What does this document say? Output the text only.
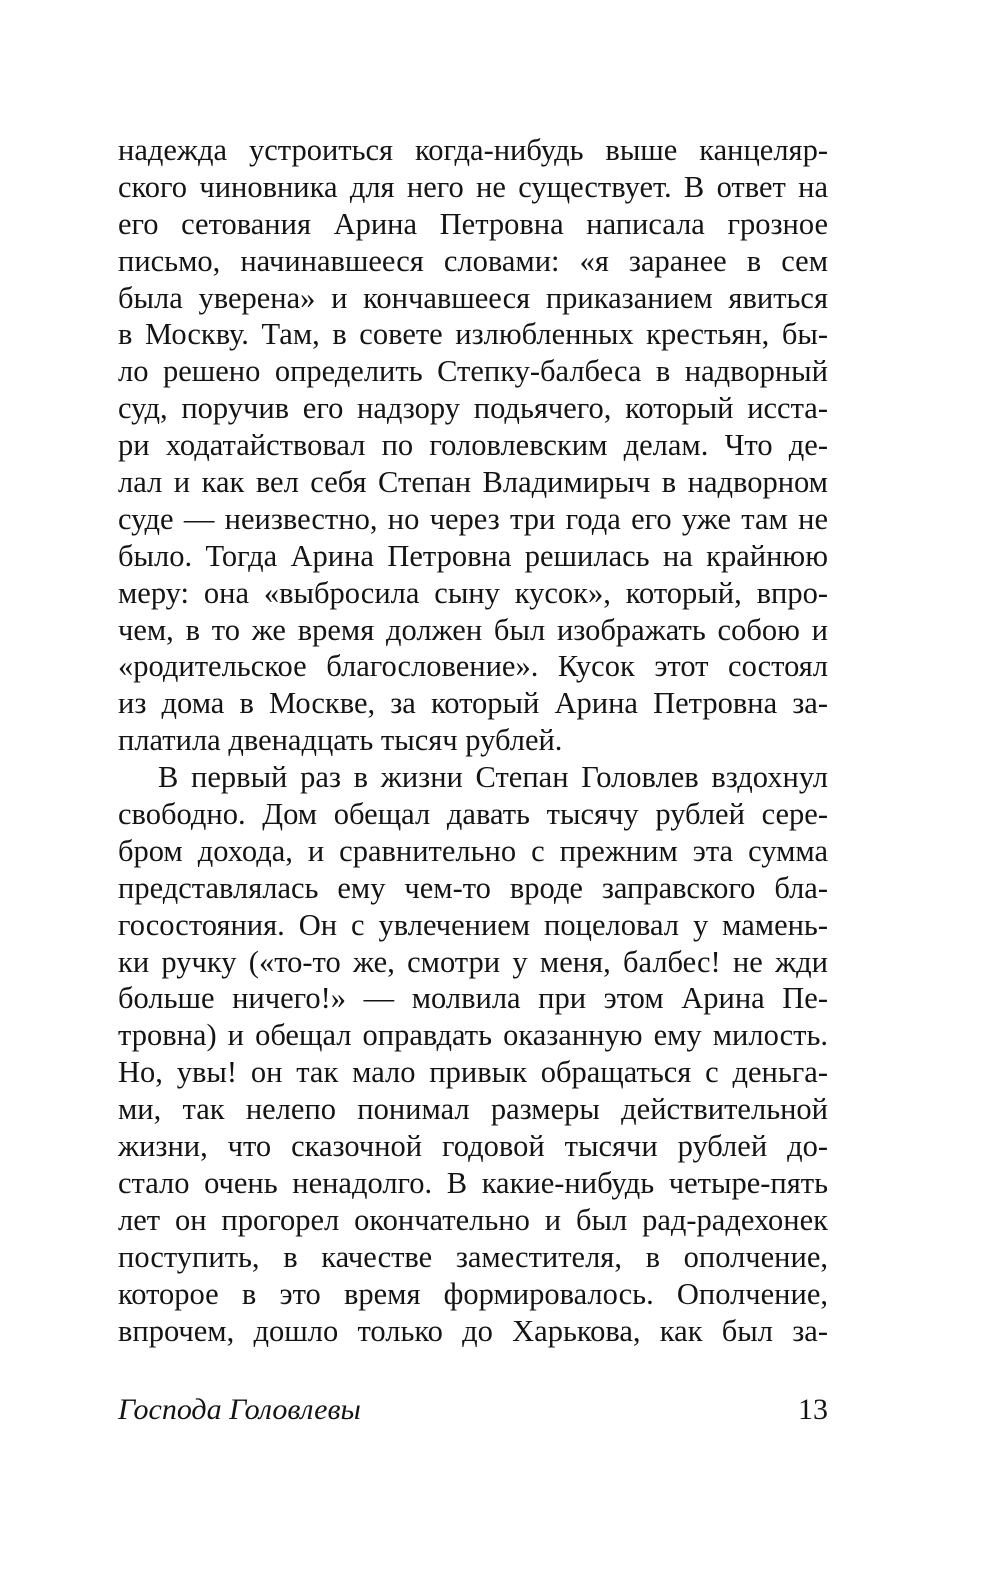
надежда устроиться когда-нибудь выше канцеляр-
ского чиновника для него не существует. В ответ на
его сетования Арина Петровна написала грозное
письмо, начинавшееся словами: «я заранее в сем
была уверена» и кончавшееся приказанием явиться
в Москву. Там, в совете излюбленных крестьян, бы-
ло решено определить Степку-балбеса в надворный
суд, поручив его надзору подьячего, который исста-
ри ходатайствовал по головлевским делам. Что де-
лал и как вел себя Степан Владимирыч в надворном
суде — неизвестно, но через три года его уже там не
было. Тогда Арина Петровна решилась на крайнюю
меру: она «выбросила сыну кусок», который, впро-
чем, в то же время должен был изображать собою и
«родительское благословение». Кусок этот состоял
из дома в Москве, за который Арина Петровна за-
платила двенадцать тысяч рублей.
В первый раз в жизни Степан Головлев вздохнул
свободно. Дом обещал давать тысячу рублей сере-
бром дохода, и сравнительно с прежним эта сумма
представлялась ему чем-то вроде заправского бла-
госостояния. Он с увлечением поцеловал у мамень-
ки ручку («то-то же, смотри у меня, балбес! не жди
больше ничего!» — молвила при этом Арина Пе-
тровна) и обещал оправдать оказанную ему милость.
Но, увы! он так мало привык обращаться с деньга-
ми, так нелепо понимал размеры действительной
жизни, что сказочной годовой тысячи рублей до-
стало очень ненадолго. В какие-нибудь четыре-пять
лет он прогорел окончательно и был рад-радехонек
поступить, в качестве заместителя, в ополчение,
которое в это время формировалось. Ополчение,
впрочем, дошло только до Харькова, как был за-
Господа Головлевы	13
